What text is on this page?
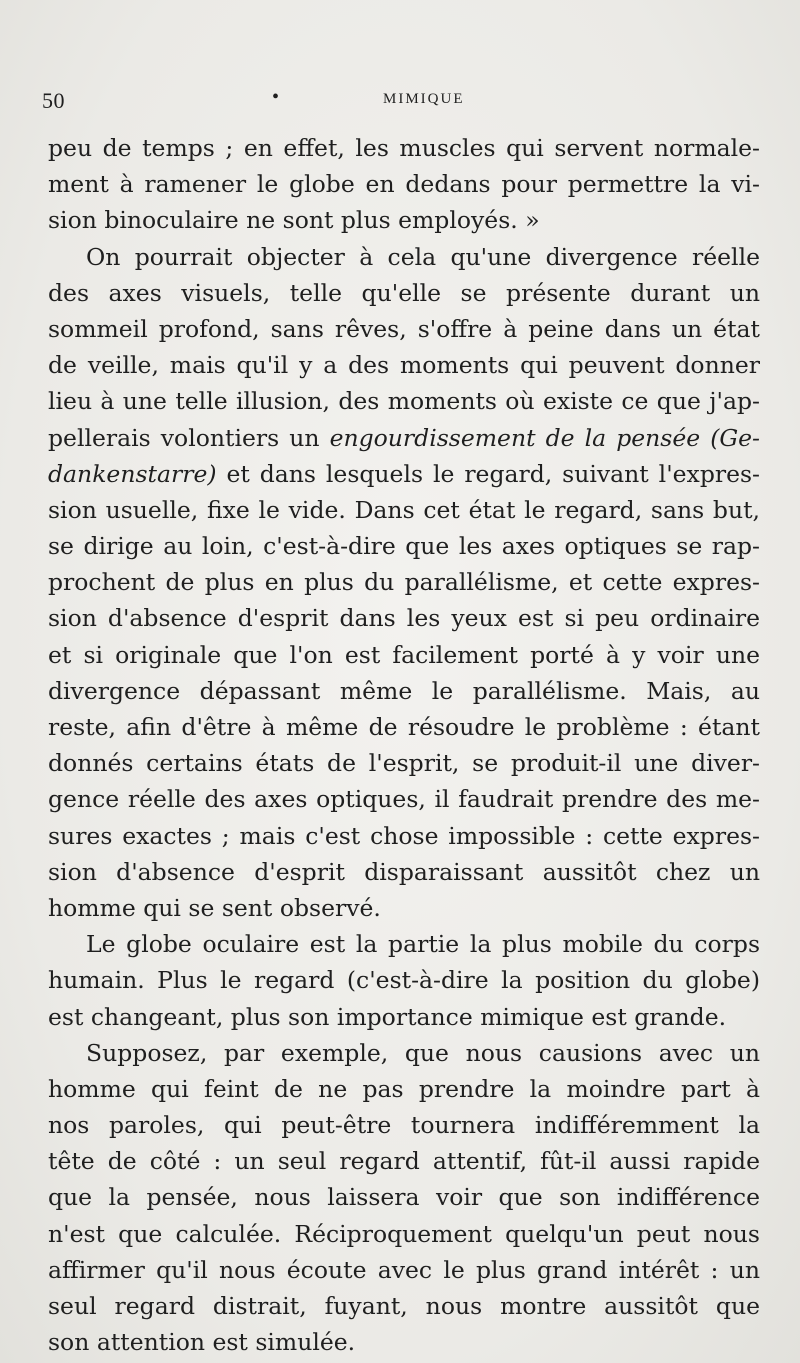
50	•	MIMIQUE
peu de temps ; en effet, les muscles qui servent normale-
ment à ramener le globe en dedans pour permettre la vi-
sion binoculaire ne sont plus employés. »
On pourrait objecter à cela qu'une divergence réelle
des axes visuels, telle qu'elle se présente durant un
sommeil profond, sans rêves, s'offre à peine dans un état
de veille, mais qu'il y a des moments qui peuvent donner
lieu à une telle illusion, des moments où existe ce que j'ap-
pellerais volontiers un engourdissement de la pensée (Ge-
dankenstarre) et dans lesquels le regard, suivant l'expres-
sion usuelle, fixe le vide. Dans cet état le regard, sans but,
se dirige au loin, c'est-à-dire que les axes optiques se rap-
prochent de plus en plus du parallélisme, et cette expres-
sion d'absence d'esprit dans les yeux est si peu ordinaire
et si originale que l'on est facilement porté à y voir une
divergence dépassant même le parallélisme. Mais, au
reste, afin d'être à même de résoudre le problème : étant
donnés certains états de l'esprit, se produit-il une diver-
gence réelle des axes optiques, il faudrait prendre des me-
sures exactes ; mais c'est chose impossible : cette expres-
sion d'absence d'esprit disparaissant aussitôt chez un
homme qui se sent observé.
Le globe oculaire est la partie la plus mobile du corps
humain. Plus le regard (c'est-à-dire la position du globe)
est changeant, plus son importance mimique est grande.
Supposez, par exemple, que nous causions avec un
homme qui feint de ne pas prendre la moindre part à
nos paroles, qui peut-être tournera indifféremment la
tête de côté : un seul regard attentif, fût-il aussi rapide
que la pensée, nous laissera voir que son indifférence
n'est que calculée. Réciproquement quelqu'un peut nous
affirmer qu'il nous écoute avec le plus grand intérêt : un
seul regard distrait, fuyant, nous montre aussitôt que
son attention est simulée.
